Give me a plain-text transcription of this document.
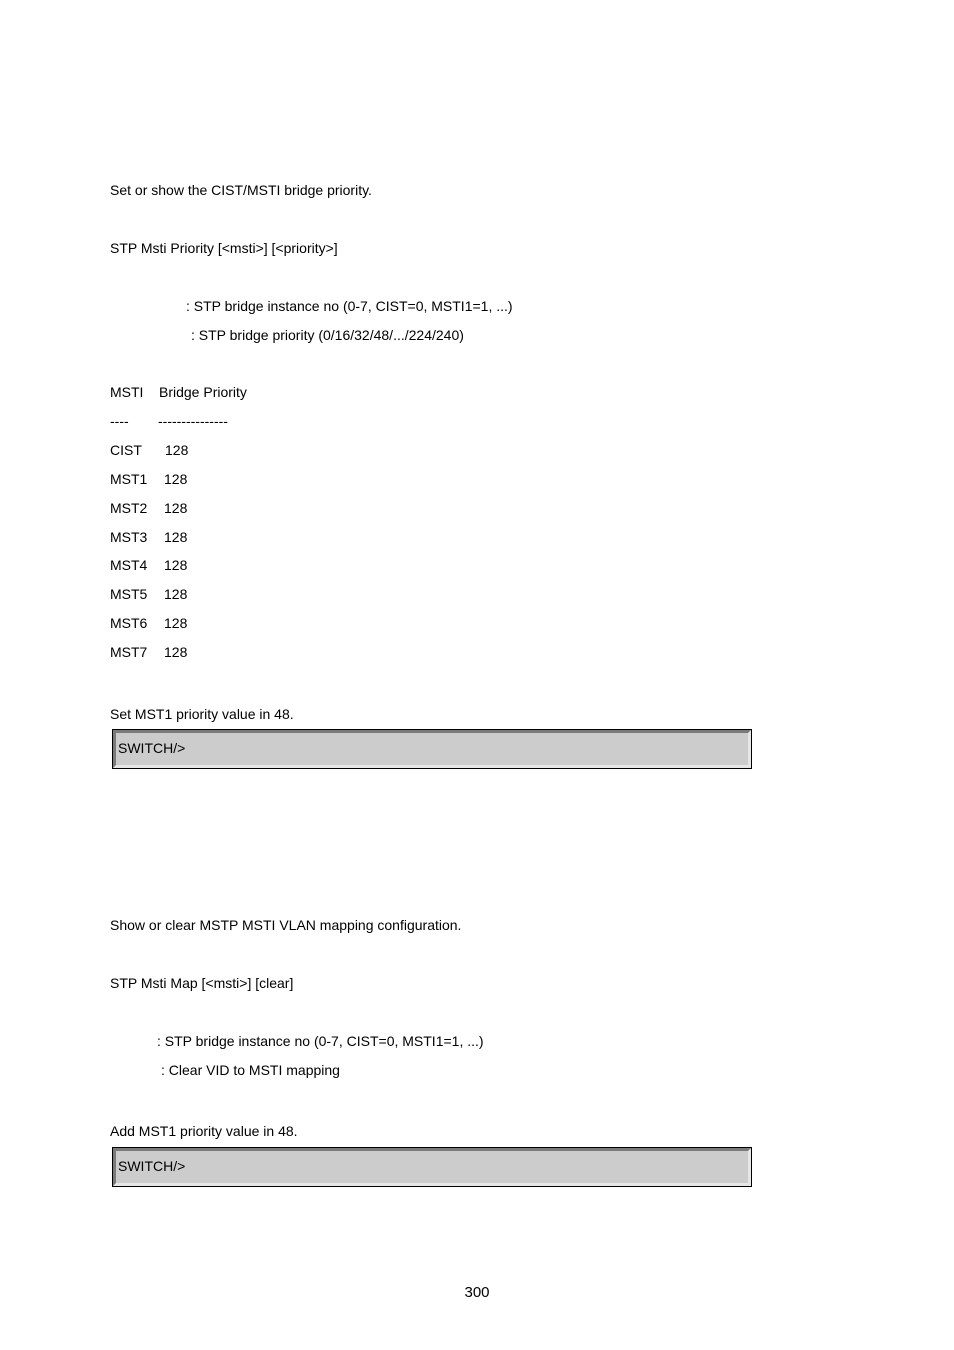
Set or show the CIST/MSTI bridge priority.
STP Msti Priority [<msti>] [<priority>]
: STP bridge instance no (0-7, CIST=0, MSTI1=1, ...)
: STP bridge priority (0/16/32/48/.../224/240)
MSTI Bridge Priority
---- ---------------
CIST 128
MST1 128
MST2 128
MST3 128
MST4 128
MST5 128
MST6 128
MST7 128
Set MST1 priority value in 48.
SWITCH/>
Show or clear MSTP MSTI VLAN mapping configuration.
STP Msti Map [<msti>] [clear]
: STP bridge instance no (0-7, CIST=0, MSTI1=1, ...)
: Clear VID to MSTI mapping
Add MST1 priority value in 48.
SWITCH/>
300
